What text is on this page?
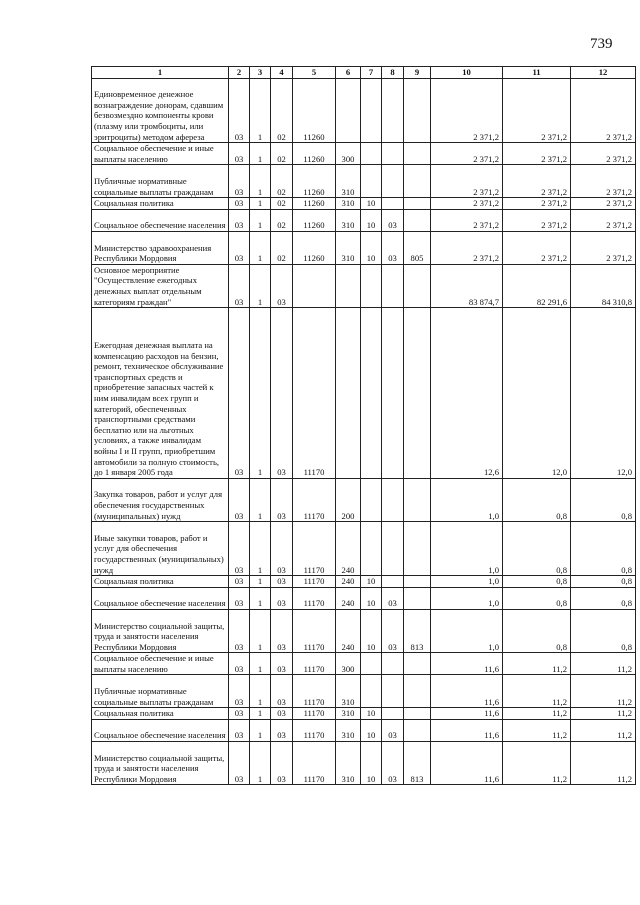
739
1	2	3	4	5	6	7	8	9	10	11	12
Единовременное денежное вознаграждение донорам, сдавшим безвозмездно компоненты крови (плазму или тромбоциты, или эритроциты) методом афереза	03	1	02	11260					2 371,2	2 371,2	2 371,2
Социальное обеспечение и иные выплаты населению	03	1	02	11260	300				2 371,2	2 371,2	2 371,2
Публичные нормативные социальные выплаты гражданам	03	1	02	11260	310				2 371,2	2 371,2	2 371,2
Социальная политика	03	1	02	11260	310	10			2 371,2	2 371,2	2 371,2
Социальное обеспечение населения	03	1	02	11260	310	10	03		2 371,2	2 371,2	2 371,2
Министерство здравоохранения Республики Мордовия	03	1	02	11260	310	10	03	805	2 371,2	2 371,2	2 371,2
Основное мероприятие "Осуществление ежегодных денежных выплат отдельным категориям граждан"	03	1	03						83 874,7	82 291,6	84 310,8
Ежегодная денежная выплата на компенсацию расходов на бензин, ремонт, техническое обслуживание транспортных средств и приобретение запасных частей к ним инвалидам всех групп и категорий, обеспеченных транспортными средствами бесплатно или на льготных условиях, а также инвалидам войны I и II групп, приобретшим автомобили за полную стоимость, до 1 января 2005 года	03	1	03	11170					12,6	12,0	12,0
Закупка товаров, работ и услуг для обеспечения государственных (муниципальных) нужд	03	1	03	11170	200				1,0	0,8	0,8
Иные закупки товаров, работ и услуг для обеспечения государственных (муниципальных) нужд	03	1	03	11170	240				1,0	0,8	0,8
Социальная политика	03	1	03	11170	240	10			1,0	0,8	0,8
Социальное обеспечение населения	03	1	03	11170	240	10	03		1,0	0,8	0,8
Министерство социальной защиты, труда и занятости населения Республики Мордовия	03	1	03	11170	240	10	03	813	1,0	0,8	0,8
Социальное обеспечение и иные выплаты населению	03	1	03	11170	300				11,6	11,2	11,2
Публичные нормативные социальные выплаты гражданам	03	1	03	11170	310				11,6	11,2	11,2
Социальная политика	03	1	03	11170	310	10			11,6	11,2	11,2
Социальное обеспечение населения	03	1	03	11170	310	10	03		11,6	11,2	11,2
Министерство социальной защиты, труда и занятости населения Республики Мордовия	03	1	03	11170	310	10	03	813	11,6	11,2	11,2
